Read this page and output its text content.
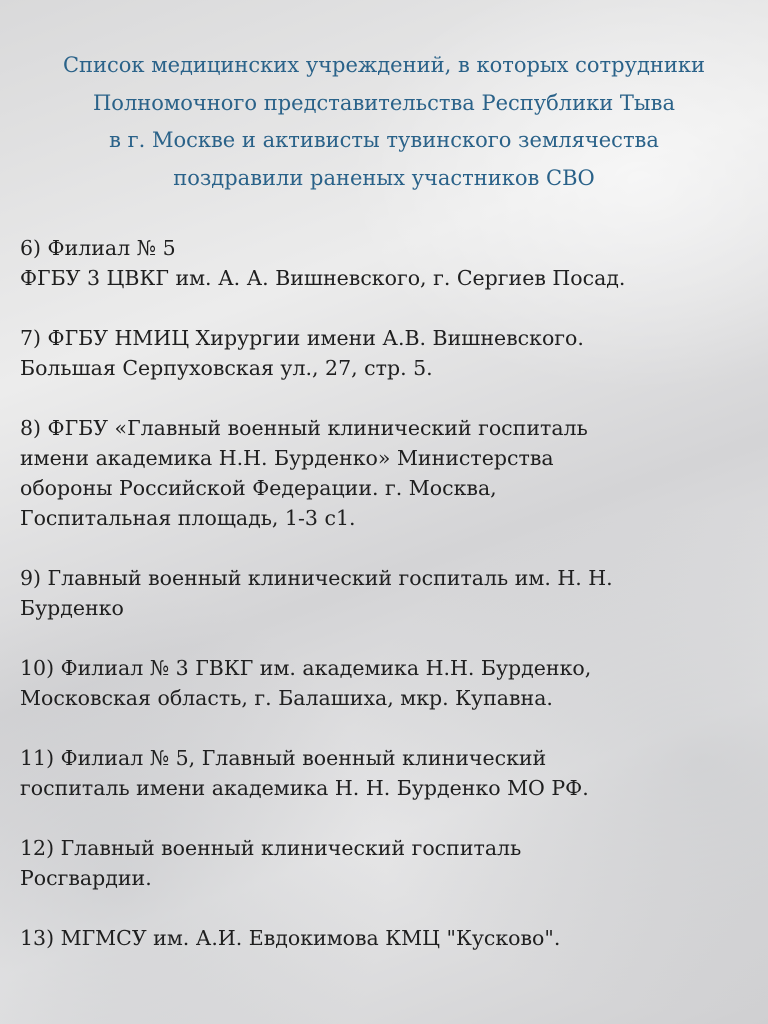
Список медицинских учреждений, в которых сотрудники
Полномочного представительства Республики Тыва
в г. Москве и активисты тувинского землячества
поздравили раненых участников СВО
6) Филиал № 5
ФГБУ 3 ЦВКГ им. А. А. Вишневского, г. Сергиев Посад.
7) ФГБУ НМИЦ Хирургии имени А.В. Вишневского.
Большая Серпуховская ул., 27, стр. 5.
8) ФГБУ «Главный военный клинический госпиталь
имени академика Н.Н. Бурденко» Министерства
обороны Российской Федерации. г. Москва,
Госпитальная площадь, 1-3 с1.
9) Главный военный клинический госпиталь им. Н. Н.
Бурденко
10) Филиал № 3 ГВКГ им. академика Н.Н. Бурденко,
Московская область, г. Балашиха, мкр. Купавна.
11) Филиал № 5, Главный военный клинический
госпиталь имени академика Н. Н. Бурденко МО РФ.
12) Главный военный клинический госпиталь
Росгвардии.
13) МГМСУ им. А.И. Евдокимова КМЦ "Кусково".
